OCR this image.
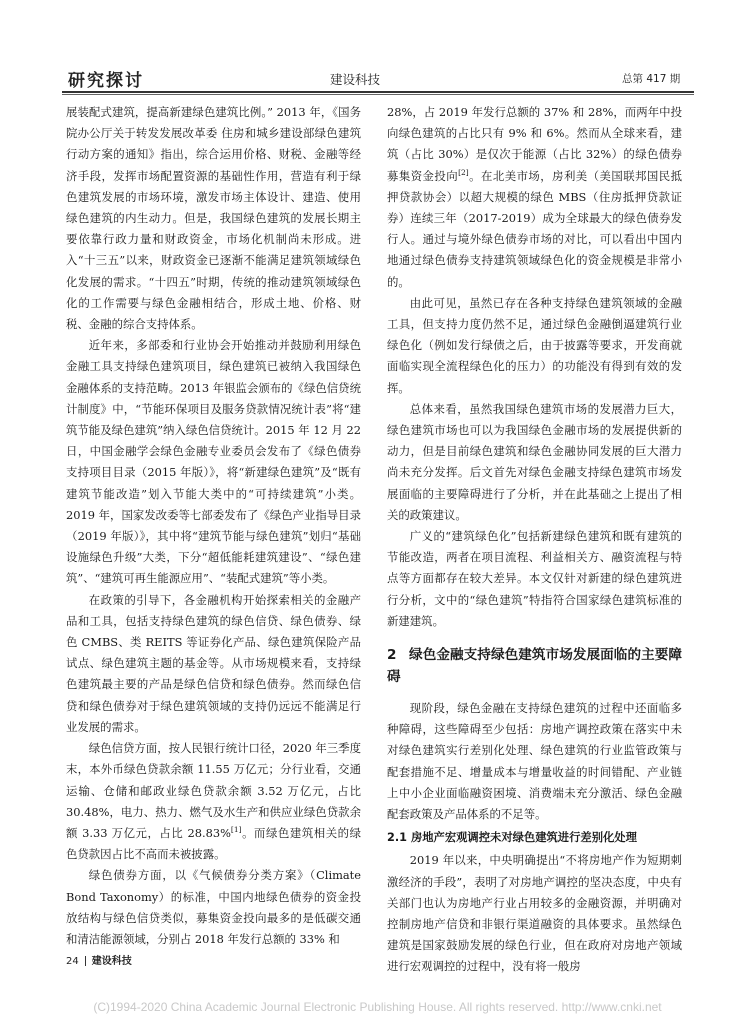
研究探讨	建设科技	总第 417 期

展装配式建筑，提高新建绿色建筑比例。” 2013 年，《国务院办公厅关于转发发展改革委 住房和城乡建设部绿色建筑行动方案的通知》指出，综合运用价格、财税、金融等经济手段，发挥市场配置资源的基础性作用，营造有利于绿色建筑发展的市场环境，激发市场主体设计、建造、使用绿色建筑的内生动力。但是，我国绿色建筑的发展长期主要依靠行政力量和财政资金，市场化机制尚未形成。进入“十三五”以来，财政资金已逐渐不能满足建筑领域绿色化发展的需求。“十四五”时期，传统的推动建筑领域绿色化的工作需要与绿色金融相结合，形成土地、价格、财税、金融的综合支持体系。

近年来，多部委和行业协会开始推动并鼓励利用绿色金融工具支持绿色建筑项目，绿色建筑已被纳入我国绿色金融体系的支持范畴。2013 年银监会颁布的《绿色信贷统计制度》中，“节能环保项目及服务贷款情况统计表”将“建筑节能及绿色建筑”纳入绿色信贷统计。2015 年 12 月 22 日，中国金融学会绿色金融专业委员会发布了《绿色债券支持项目目录（2015 年版）》，将“新建绿色建筑”及“既有建筑节能改造”划入节能大类中的“可持续建筑”小类。2019 年，国家发改委等七部委发布了《绿色产业指导目录（2019 年版）》，其中将“建筑节能与绿色建筑”划归“基础设施绿色升级”大类，下分“超低能耗建筑建设”、“绿色建筑”、“建筑可再生能源应用”、“装配式建筑”等小类。

在政策的引导下，各金融机构开始探索相关的金融产品和工具，包括支持绿色建筑的绿色信贷、绿色债券、绿色 CMBS、类 REITS 等证券化产品、绿色建筑保险产品试点、绿色建筑主题的基金等。从市场规模来看，支持绿色建筑最主要的产品是绿色信贷和绿色债券。然而绿色信贷和绿色债券对于绿色建筑领域的支持仍远远不能满足行业发展的需求。

绿色信贷方面，按人民银行统计口径，2020 年三季度末，本外币绿色贷款余额 11.55 万亿元；分行业看，交通运输、仓储和邮政业绿色贷款余额 3.52 万亿元，占比 30.48%，电力、热力、燃气及水生产和供应业绿色贷款余额 3.33 万亿元，占比 28.83%[1]。而绿色建筑相关的绿色贷款因占比不高而未被披露。

绿色债券方面，以《气候债券分类方案》（Climate Bond Taxonomy）的标准，中国内地绿色债券的资金投放结构与绿色信贷类似，募集资金投向最多的是低碳交通和清洁能源领域，分别占 2018 年发行总额的 33% 和

28%，占 2019 年发行总额的 37% 和 28%，而两年中投向绿色建筑的占比只有 9% 和 6%。然而从全球来看，建筑（占比 30%）是仅次于能源（占比 32%）的绿色债券募集资金投向[2]。在北美市场，房利美（美国联邦国民抵押贷款协会）以超大规模的绿色 MBS（住房抵押贷款证券）连续三年（2017-2019）成为全球最大的绿色债券发行人。通过与境外绿色债券市场的对比，可以看出中国内地通过绿色债券支持建筑领域绿色化的资金规模是非常小的。

由此可见，虽然已存在各种支持绿色建筑领域的金融工具，但支持力度仍然不足，通过绿色金融倒逼建筑行业绿色化（例如发行绿债之后，由于披露等要求，开发商就面临实现全流程绿色化的压力）的功能没有得到有效的发挥。

总体来看，虽然我国绿色建筑市场的发展潜力巨大，绿色建筑市场也可以为我国绿色金融市场的发展提供新的动力，但是目前绿色建筑和绿色金融协同发展的巨大潜力尚未充分发挥。后文首先对绿色金融支持绿色建筑市场发展面临的主要障碍进行了分析，并在此基础之上提出了相关的政策建议。

广义的“建筑绿色化”包括新建绿色建筑和既有建筑的节能改造，两者在项目流程、利益相关方、融资流程与特点等方面都存在较大差异。本文仅针对新建的绿色建筑进行分析，文中的“绿色建筑”特指符合国家绿色建筑标准的新建建筑。

2 绿色金融支持绿色建筑市场发展面临的主要障碍

现阶段，绿色金融在支持绿色建筑的过程中还面临多种障碍，这些障碍至少包括：房地产调控政策在落实中未对绿色建筑实行差别化处理、绿色建筑的行业监管政策与配套措施不足、增量成本与增量收益的时间错配、产业链上中小企业面临融资困境、消费端未充分激活、绿色金融配套政策及产品体系的不足等。

2.1 房地产宏观调控未对绿色建筑进行差别化处理

2019 年以来，中央明确提出“不将房地产作为短期刺激经济的手段”，表明了对房地产调控的坚决态度，中央有关部门也认为房地产行业占用较多的金融资源，并明确对控制房地产信贷和非银行渠道融资的具体要求。虽然绿色建筑是国家鼓励发展的绿色行业，但在政府对房地产领域进行宏观调控的过程中，没有将一般房

24 建设科技
(C)1994-2020 China Academic Journal Electronic Publishing House. All rights reserved. http://www.cnki.net
